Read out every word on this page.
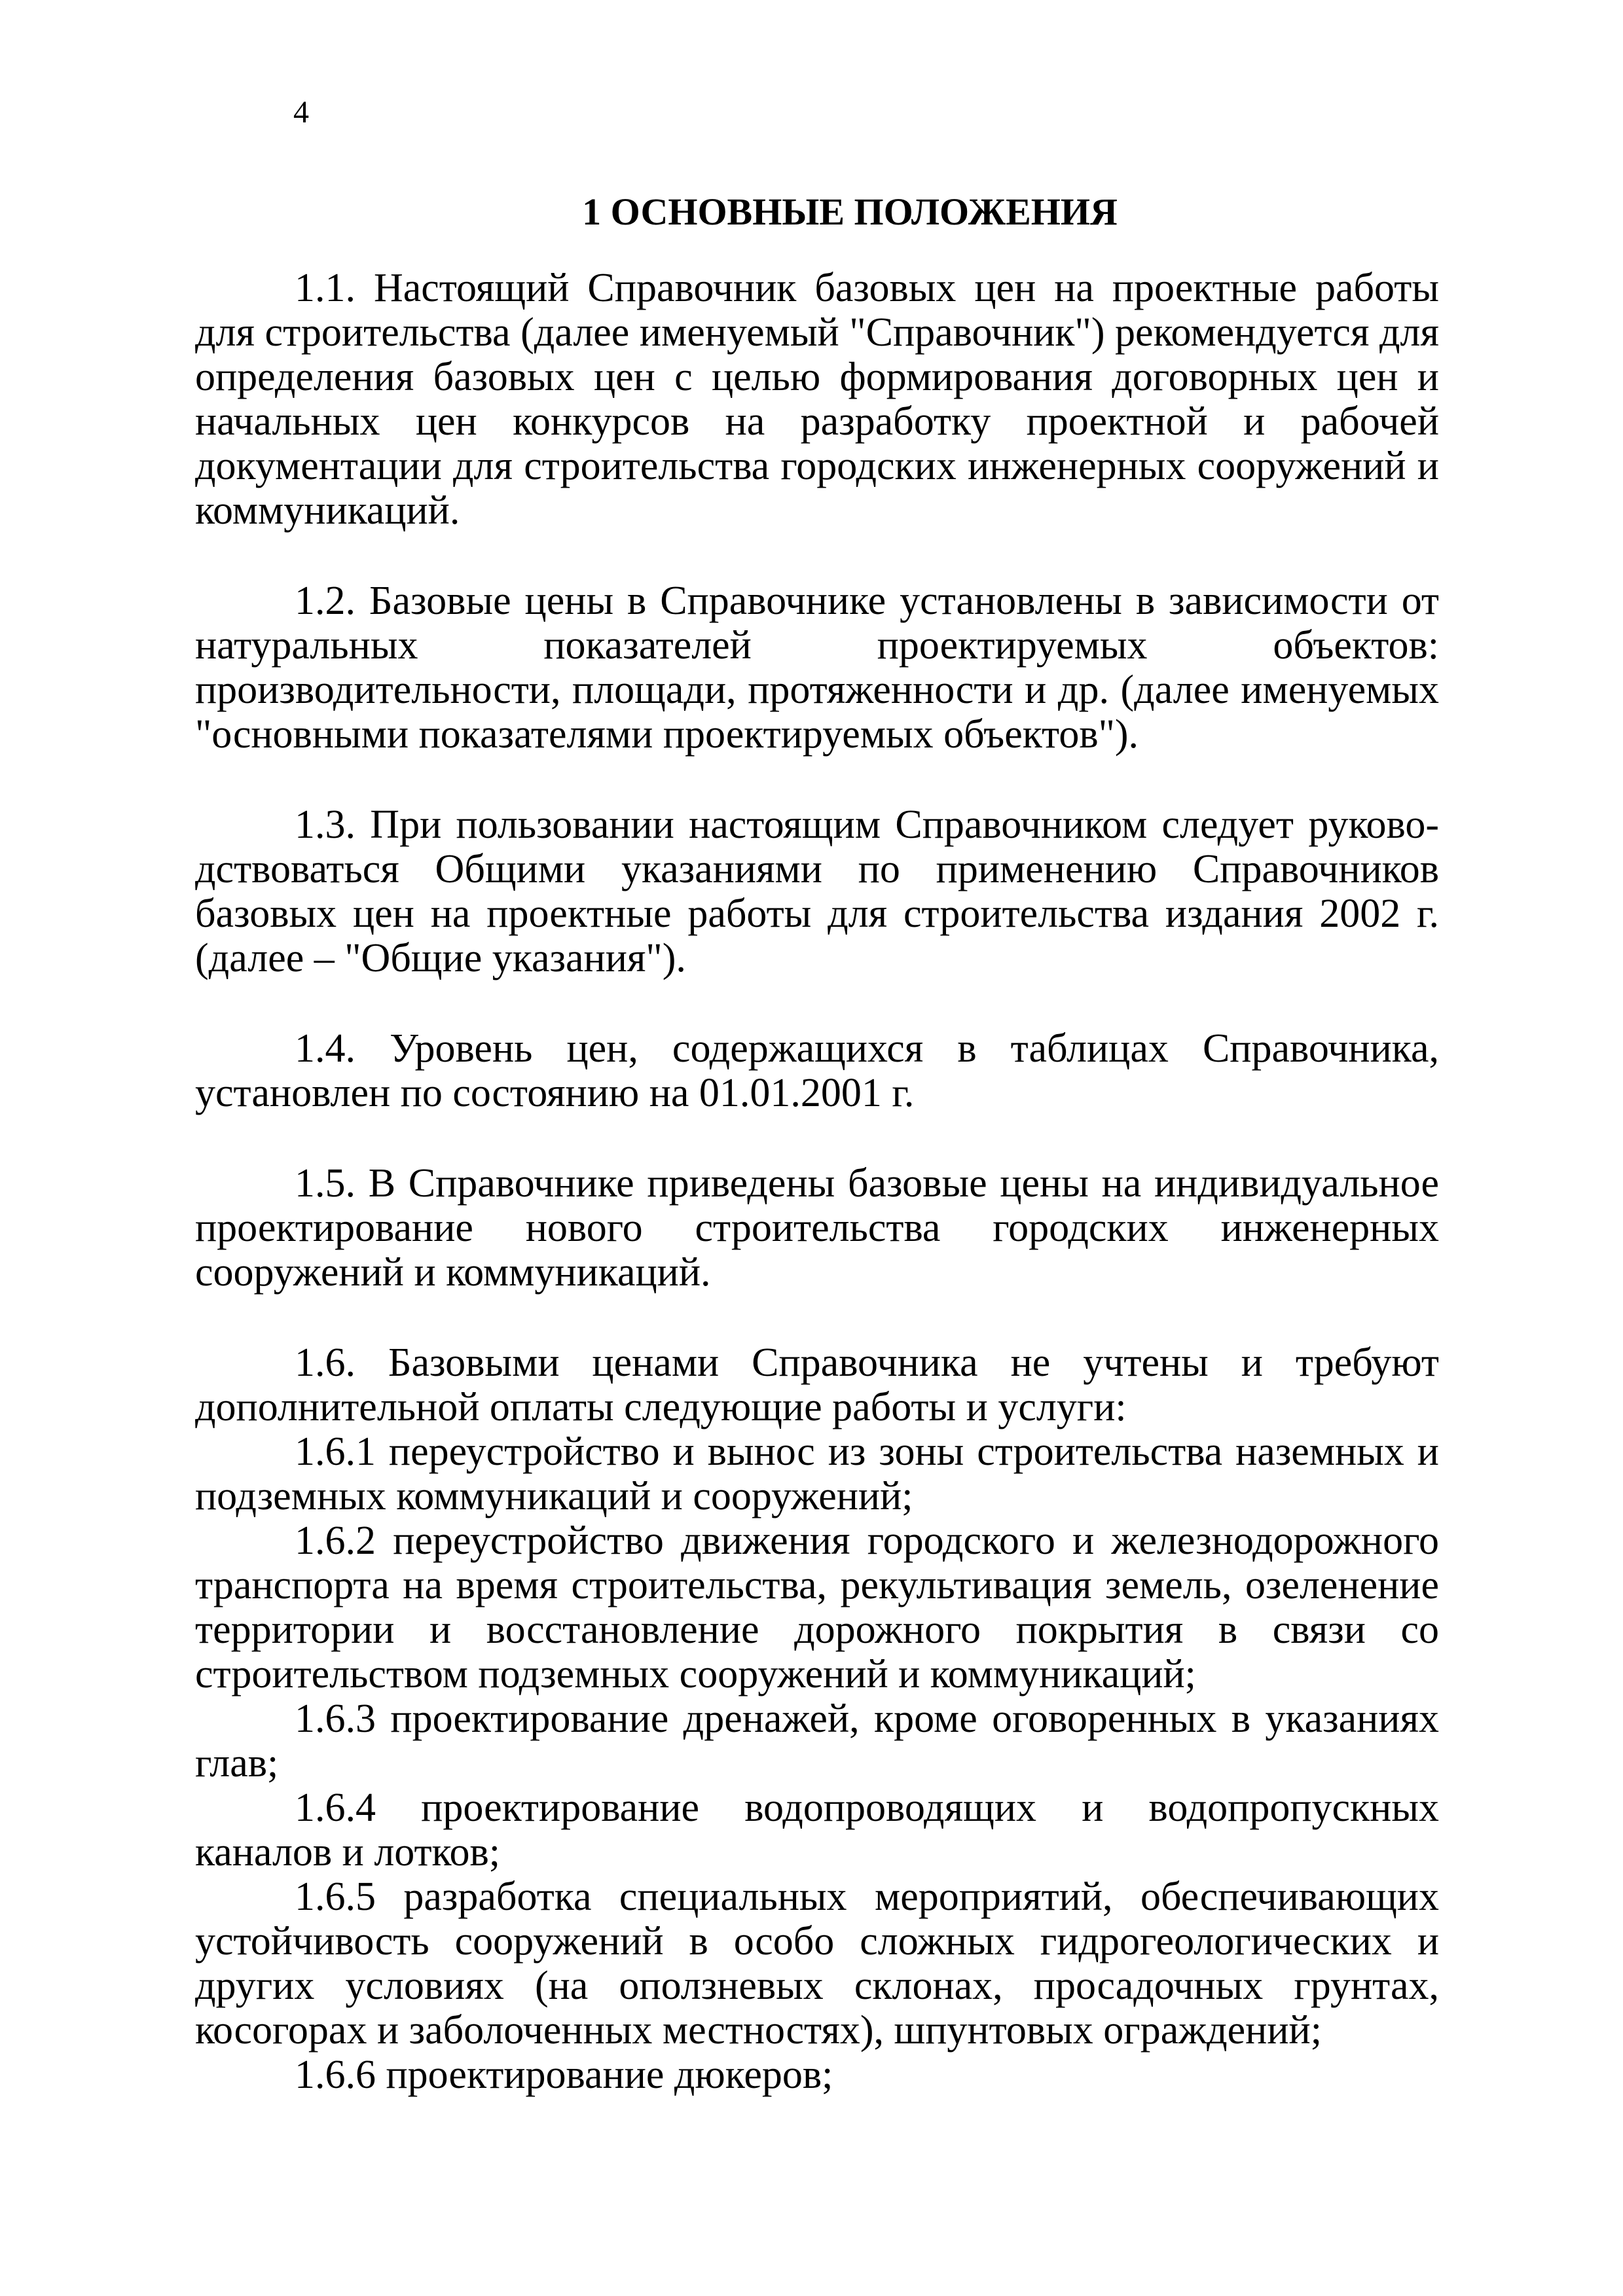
4
1 ОСНОВНЫЕ ПОЛОЖЕНИЯ

1.1. Настоящий Справочник базовых цен на проектные работы для строительства (далее именуемый "Справочник") рекомендуется для определения базовых цен с целью формирования договорных цен и начальных цен конкурсов на разработку проектной и рабочей документации для строительства городских инженерных сооружений и коммуникаций.

1.2. Базовые цены в Справочнике установлены в зависимости от натуральных показателей проектируемых объектов: производительности, площади, протяженности и др. (далее именуемых "основными показателями проектируемых объектов").

1.3. При пользовании настоящим Справочником следует руководствоваться Общими указаниями по применению Справочников базовых цен на проектные работы для строительства издания 2002 г. (далее – "Общие указания").

1.4. Уровень цен, содержащихся в таблицах Справочника, установлен по состоянию на 01.01.2001 г.

1.5. В Справочнике приведены базовые цены на индивидуальное проектирование нового строительства городских инженерных сооружений и коммуникаций.

1.6. Базовыми ценами Справочника не учтены и требуют дополнительной оплаты следующие работы и услуги:

1.6.1 переустройство и вынос из зоны строительства наземных и подземных коммуникаций и сооружений;

1.6.2 переустройство движения городского и железнодорожного транспорта на время строительства, рекультивация земель, озеленение территории и восстановление дорожного покрытия в связи со строительством подземных сооружений и коммуникаций;

1.6.3 проектирование дренажей, кроме оговоренных в указаниях глав;

1.6.4 проектирование водопроводящих и водопропускных каналов и лотков;

1.6.5 разработка специальных мероприятий, обеспечивающих устойчивость сооружений в особо сложных гидрогеологических и других условиях (на оползневых склонах, просадочных грунтах, косогорах и заболоченных местностях), шпунтовых ограждений;

1.6.6 проектирование дюкеров;
